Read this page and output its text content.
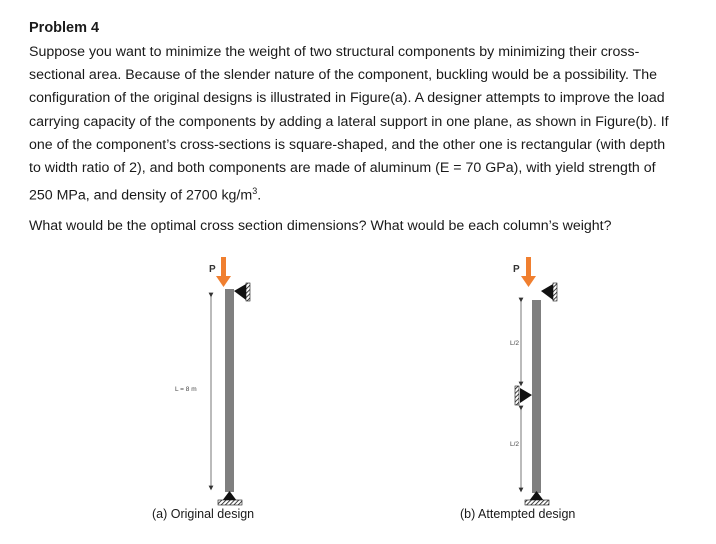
Problem 4

Suppose you want to minimize the weight of two structural components by minimizing their cross-sectional area. Because of the slender nature of the component, buckling would be a possibility. The configuration of the original designs is illustrated in Figure(a). A designer attempts to improve the load carrying capacity of the components by adding a lateral support in one plane, as shown in Figure(b). If one of the component’s cross-sections is square-shaped, and the other one is rectangular (with depth to width ratio of 2), and both components are made of aluminum (E = 70 GPa), with yield strength of 250 MPa, and density of 2700 $kg/m^3$.

What would be the optimal cross section dimensions? What would be each column’s weight?

P
L = 8 m
(a) Original design
P
L/2
L/2
(b) Attempted design
